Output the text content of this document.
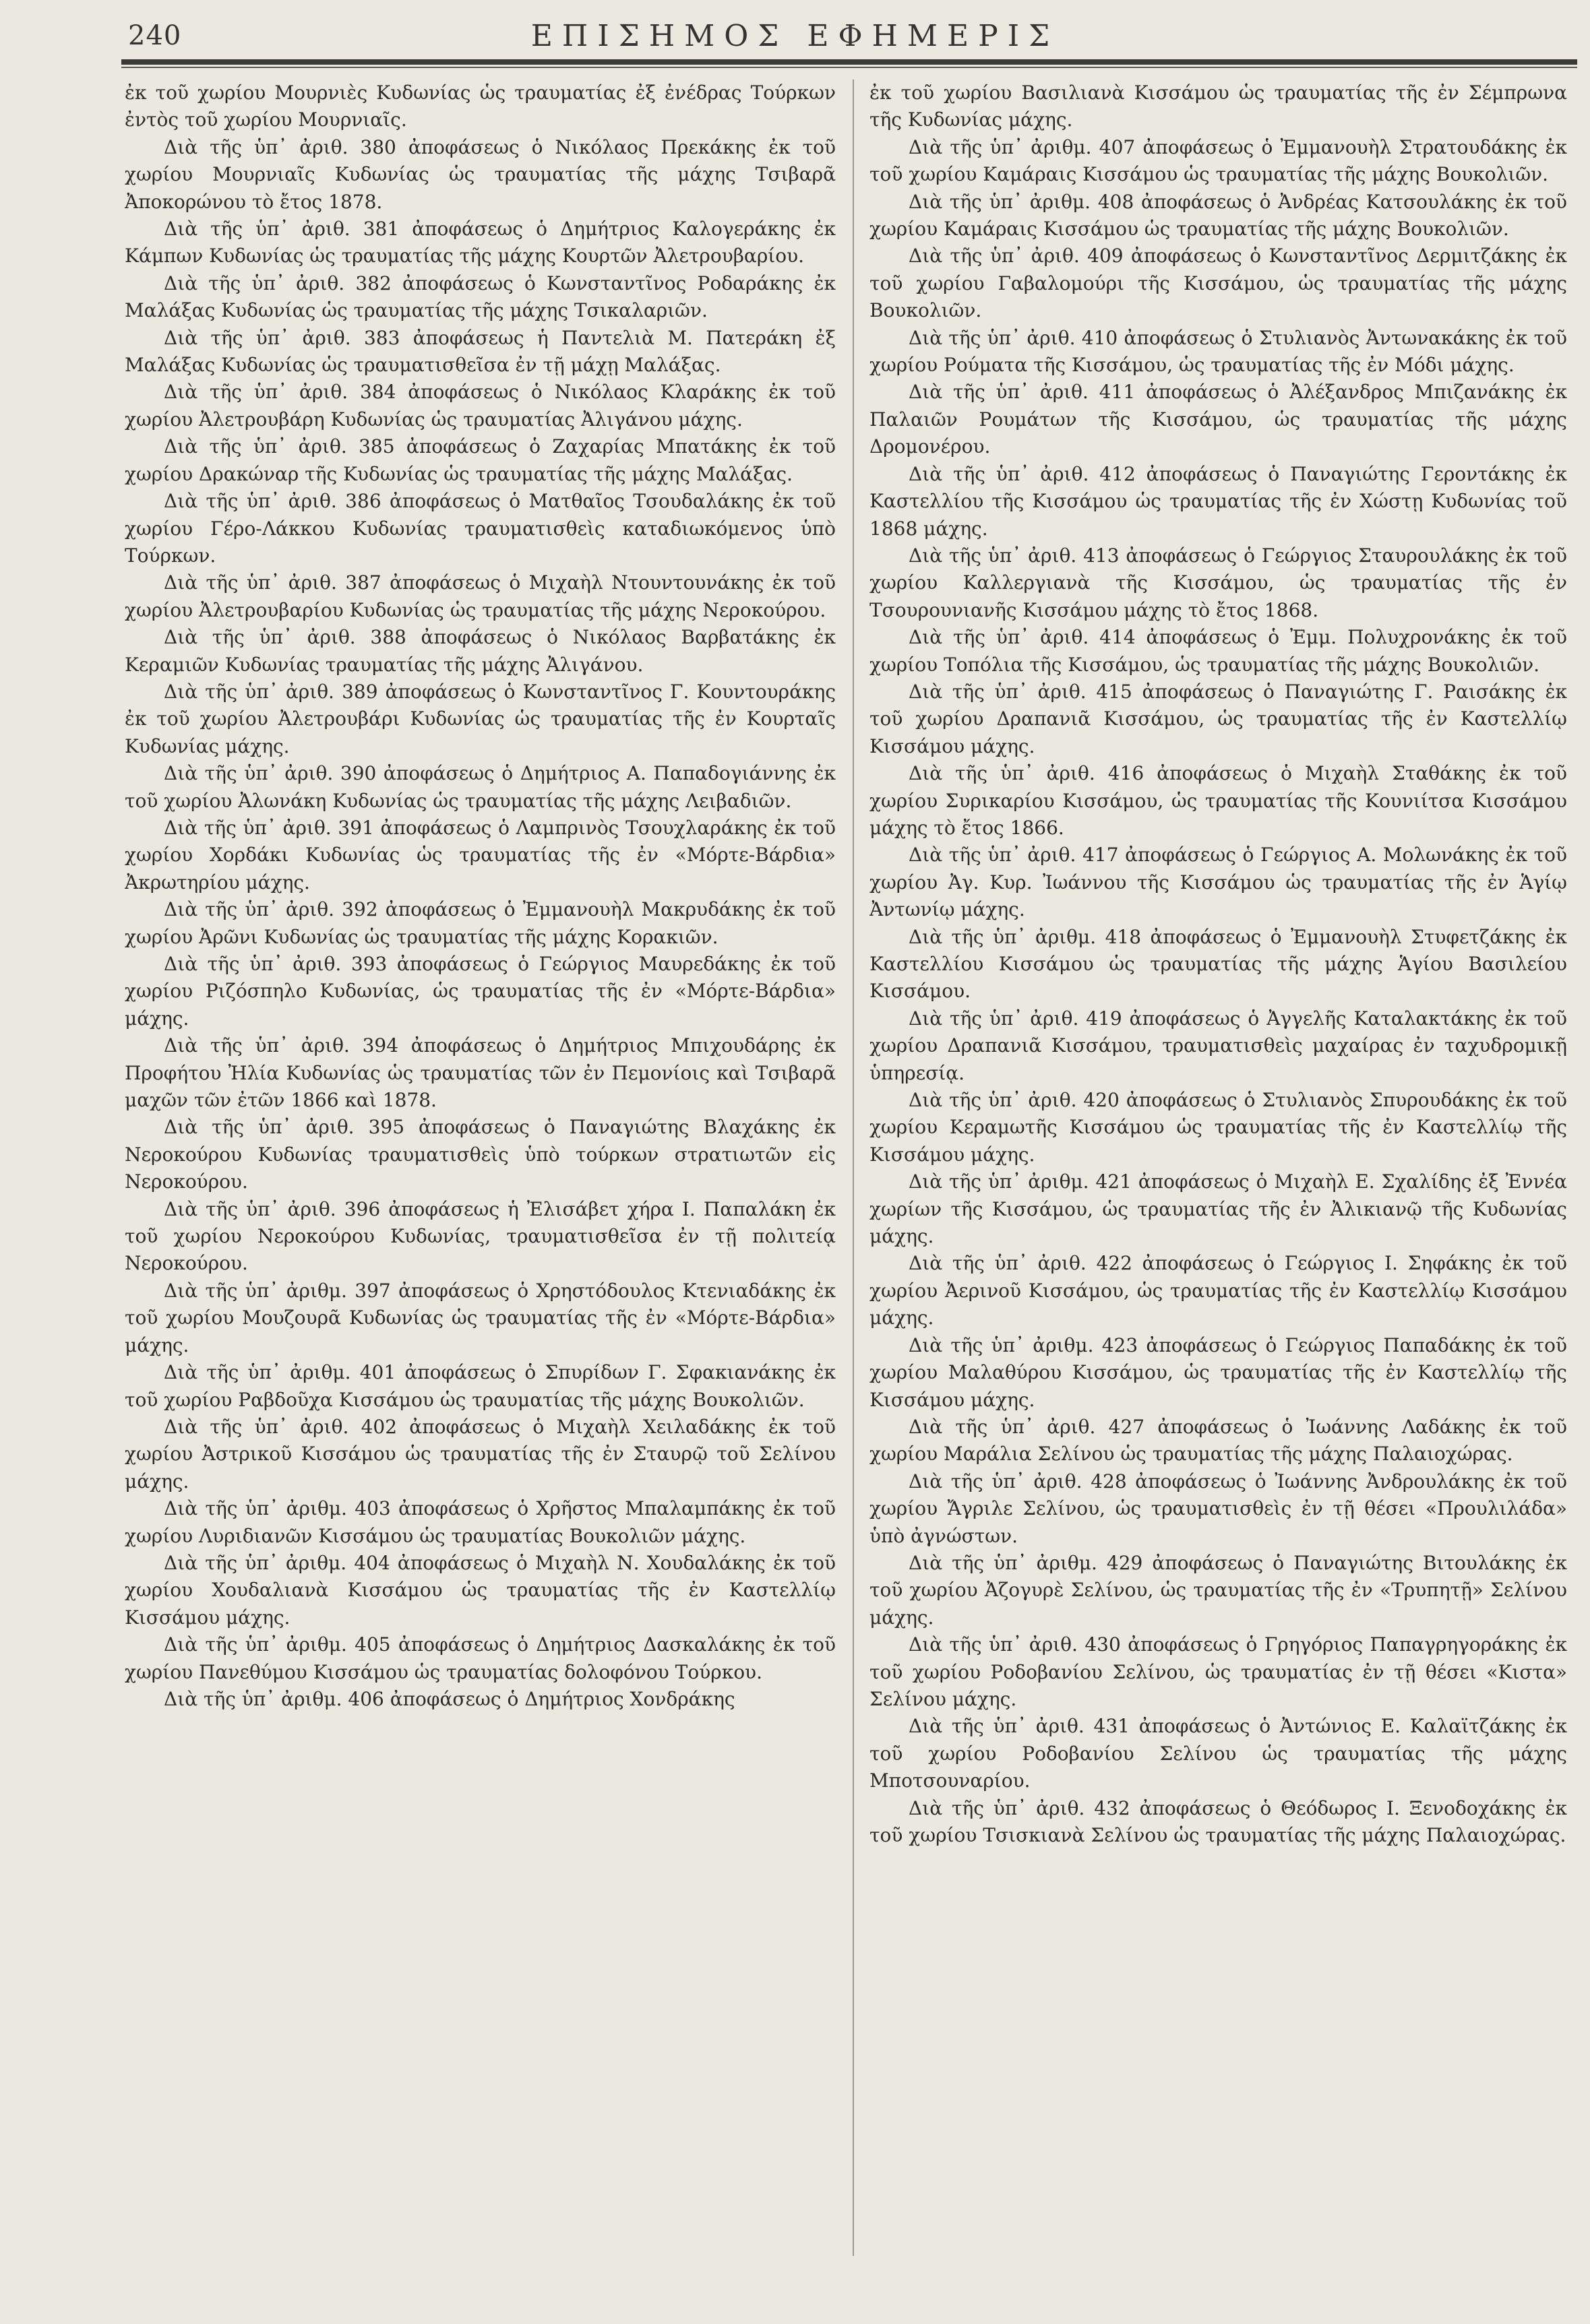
240	ΕΠΙΣΗΜΟΣ ΕΦΗΜΕΡΙΣ

ἐκ τοῦ χωρίου Μουρνιὲς Κυδωνίας ὡς τραυματίας ἐξ ἐνέδρας Τούρκων ἐντὸς τοῦ χωρίου Μουρνιαῖς.

Διὰ τῆς ὑπ᾽ ἀριθ. 380 ἀποφάσεως ὁ Νικόλαος Πρεκάκης ἐκ τοῦ χωρίου Μουρνιαῖς Κυδωνίας ὡς τραυματίας τῆς μάχης Τσιβαρᾶ Ἀποκορώνου τὸ ἔτος 1878.

Διὰ τῆς ὑπ᾽ ἀριθ. 381 ἀποφάσεως ὁ Δημήτριος Καλογεράκης ἐκ Κάμπων Κυδωνίας ὡς τραυματίας τῆς μάχης Κουρτῶν Ἀλετρουβαρίου.

Διὰ τῆς ὑπ᾽ ἀριθ. 382 ἀποφάσεως ὁ Κωνσταντῖνος Ροδαράκης ἐκ Μαλάξας Κυδωνίας ὡς τραυματίας τῆς μάχης Τσικαλαριῶν.

Διὰ τῆς ὑπ᾽ ἀριθ. 383 ἀποφάσεως ἡ Παντελιὰ Μ. Πατεράκη ἐξ Μαλάξας Κυδωνίας ὡς τραυματισθεῖσα ἐν τῇ μάχῃ Μαλάξας.

Διὰ τῆς ὑπ᾽ ἀριθ. 384 ἀποφάσεως ὁ Νικόλαος Κλαράκης ἐκ τοῦ χωρίου Ἀλετρουβάρη Κυδωνίας ὡς τραυματίας Ἀλιγάνου μάχης.

Διὰ τῆς ὑπ᾽ ἀριθ. 385 ἀποφάσεως ὁ Ζαχαρίας Μπατάκης ἐκ τοῦ χωρίου Δρακώναρ τῆς Κυδωνίας ὡς τραυματίας τῆς μάχης Μαλάξας.

Διὰ τῆς ὑπ᾽ ἀριθ. 386 ἀποφάσεως ὁ Ματθαῖος Τσουδαλάκης ἐκ τοῦ χωρίου Γέρο-Λάκκου Κυδωνίας τραυματισθεὶς καταδιωκόμενος ὑπὸ Τούρκων.

Διὰ τῆς ὑπ᾽ ἀριθ. 387 ἀποφάσεως ὁ Μιχαὴλ Ντουντουνάκης ἐκ τοῦ χωρίου Ἀλετρουβαρίου Κυδωνίας ὡς τραυματίας τῆς μάχης Νεροκούρου.

Διὰ τῆς ὑπ᾽ ἀριθ. 388 ἀποφάσεως ὁ Νικόλαος Βαρβατάκης ἐκ Κεραμιῶν Κυδωνίας τραυματίας τῆς μάχης Ἀλιγάνου.

Διὰ τῆς ὑπ᾽ ἀριθ. 389 ἀποφάσεως ὁ Κωνσταντῖνος Γ. Κουντουράκης ἐκ τοῦ χωρίου Ἀλετρουβάρι Κυδωνίας ὡς τραυματίας τῆς ἐν Κουρταῖς Κυδωνίας μάχης.

Διὰ τῆς ὑπ᾽ ἀριθ. 390 ἀποφάσεως ὁ Δημήτριος Α. Παπαδογιάννης ἐκ τοῦ χωρίου Ἀλωνάκη Κυδωνίας ὡς τραυματίας τῆς μάχης Λειβαδιῶν.

Διὰ τῆς ὑπ᾽ ἀριθ. 391 ἀποφάσεως ὁ Λαμπρινὸς Τσουχλαράκης ἐκ τοῦ χωρίου Χορδάκι Κυδωνίας ὡς τραυματίας τῆς ἐν «Μόρτε-Βάρδια» Ἀκρωτηρίου μάχης.

Διὰ τῆς ὑπ᾽ ἀριθ. 392 ἀποφάσεως ὁ Ἐμμανουὴλ Μακρυδάκης ἐκ τοῦ χωρίου Ἀρῶνι Κυδωνίας ὡς τραυματίας τῆς μάχης Κορακιῶν.

Διὰ τῆς ὑπ᾽ ἀριθ. 393 ἀποφάσεως ὁ Γεώργιος Μαυρεδάκης ἐκ τοῦ χωρίου Ριζόσπηλο Κυδωνίας, ὡς τραυματίας τῆς ἐν «Μόρτε-Βάρδια» μάχης.

Διὰ τῆς ὑπ᾽ ἀριθ. 394 ἀποφάσεως ὁ Δημήτριος Μπιχουδάρης ἐκ Προφήτου Ἠλία Κυδωνίας ὡς τραυματίας τῶν ἐν Πεμονίοις καὶ Τσιβαρᾶ μαχῶν τῶν ἐτῶν 1866 καὶ 1878.

Διὰ τῆς ὑπ᾽ ἀριθ. 395 ἀποφάσεως ὁ Παναγιώτης Βλαχάκης ἐκ Νεροκούρου Κυδωνίας τραυματισθεὶς ὑπὸ τούρκων στρατιωτῶν εἰς Νεροκούρου.

Διὰ τῆς ὑπ᾽ ἀριθ. 396 ἀποφάσεως ἡ Ἐλισάβετ χήρα Ι. Παπαλάκη ἐκ τοῦ χωρίου Νεροκούρου Κυδωνίας, τραυματισθεῖσα ἐν τῇ πολιτείᾳ Νεροκούρου.

Διὰ τῆς ὑπ᾽ ἀριθμ. 397 ἀποφάσεως ὁ Χρηστόδουλος Κτενιαδάκης ἐκ τοῦ χωρίου Μουζουρᾶ Κυδωνίας ὡς τραυματίας τῆς ἐν «Μόρτε-Βάρδια» μάχης.

Διὰ τῆς ὑπ᾽ ἀριθμ. 401 ἀποφάσεως ὁ Σπυρίδων Γ. Σφακιανάκης ἐκ τοῦ χωρίου Ραβδοῦχα Κισσάμου ὡς τραυματίας τῆς μάχης Βουκολιῶν.

Διὰ τῆς ὑπ᾽ ἀριθ. 402 ἀποφάσεως ὁ Μιχαὴλ Χειλαδάκης ἐκ τοῦ χωρίου Ἀστρικοῦ Κισσάμου ὡς τραυματίας τῆς ἐν Σταυρῷ τοῦ Σελίνου μάχης.

Διὰ τῆς ὑπ᾽ ἀριθμ. 403 ἀποφάσεως ὁ Χρῆστος Μπαλαμπάκης ἐκ τοῦ χωρίου Λυριδιανῶν Κισσάμου ὡς τραυματίας Βουκολιῶν μάχης.

Διὰ τῆς ὑπ᾽ ἀριθμ. 404 ἀποφάσεως ὁ Μιχαὴλ Ν. Χουδαλάκης ἐκ τοῦ χωρίου Χουδαλιανὰ Κισσάμου ὡς τραυματίας τῆς ἐν Καστελλίῳ Κισσάμου μάχης.

Διὰ τῆς ὑπ᾽ ἀριθμ. 405 ἀποφάσεως ὁ Δημήτριος Δασκαλάκης ἐκ τοῦ χωρίου Πανεθύμου Κισσάμου ὡς τραυματίας δολοφόνου Τούρκου.

Διὰ τῆς ὑπ᾽ ἀριθμ. 406 ἀποφάσεως ὁ Δημήτριος Χονδράκης

ἐκ τοῦ χωρίου Βασιλιανὰ Κισσάμου ὡς τραυματίας τῆς ἐν Σέμπρωνα τῆς Κυδωνίας μάχης.

Διὰ τῆς ὑπ᾽ ἀριθμ. 407 ἀποφάσεως ὁ Ἐμμανουὴλ Στρατουδάκης ἐκ τοῦ χωρίου Καμάραις Κισσάμου ὡς τραυματίας τῆς μάχης Βουκολιῶν.

Διὰ τῆς ὑπ᾽ ἀριθμ. 408 ἀποφάσεως ὁ Ἀνδρέας Κατσουλάκης ἐκ τοῦ χωρίου Καμάραις Κισσάμου ὡς τραυματίας τῆς μάχης Βουκολιῶν.

Διὰ τῆς ὑπ᾽ ἀριθ. 409 ἀποφάσεως ὁ Κωνσταντῖνος Δερμιτζάκης ἐκ τοῦ χωρίου Γαβαλομούρι τῆς Κισσάμου, ὡς τραυματίας τῆς μάχης Βουκολιῶν.

Διὰ τῆς ὑπ᾽ ἀριθ. 410 ἀποφάσεως ὁ Στυλιανὸς Ἀντωνακάκης ἐκ τοῦ χωρίου Ρούματα τῆς Κισσάμου, ὡς τραυματίας τῆς ἐν Μόδι μάχης.

Διὰ τῆς ὑπ᾽ ἀριθ. 411 ἀποφάσεως ὁ Ἀλέξανδρος Μπιζανάκης ἐκ Παλαιῶν Ρουμάτων τῆς Κισσάμου, ὡς τραυματίας τῆς μάχης Δρομονέρου.

Διὰ τῆς ὑπ᾽ ἀριθ. 412 ἀποφάσεως ὁ Παναγιώτης Γεροντάκης ἐκ Καστελλίου τῆς Κισσάμου ὡς τραυματίας τῆς ἐν Χώστῃ Κυδωνίας τοῦ 1868 μάχης.

Διὰ τῆς ὑπ᾽ ἀριθ. 413 ἀποφάσεως ὁ Γεώργιος Σταυρουλάκης ἐκ τοῦ χωρίου Καλλεργιανὰ τῆς Κισσάμου, ὡς τραυματίας τῆς ἐν Τσουρουνιανῆς Κισσάμου μάχης τὸ ἔτος 1868.

Διὰ τῆς ὑπ᾽ ἀριθ. 414 ἀποφάσεως ὁ Ἐμμ. Πολυχρονάκης ἐκ τοῦ χωρίου Τοπόλια τῆς Κισσάμου, ὡς τραυματίας τῆς μάχης Βουκολιῶν.

Διὰ τῆς ὑπ᾽ ἀριθ. 415 ἀποφάσεως ὁ Παναγιώτης Γ. Ραισάκης ἐκ τοῦ χωρίου Δραπανιᾶ Κισσάμου, ὡς τραυματίας τῆς ἐν Καστελλίῳ Κισσάμου μάχης.

Διὰ τῆς ὑπ᾽ ἀριθ. 416 ἀποφάσεως ὁ Μιχαὴλ Σταθάκης ἐκ τοῦ χωρίου Συρικαρίου Κισσάμου, ὡς τραυματίας τῆς Κουνιίτσα Κισσάμου μάχης τὸ ἔτος 1866.

Διὰ τῆς ὑπ᾽ ἀριθ. 417 ἀποφάσεως ὁ Γεώργιος Α. Μολωνάκης ἐκ τοῦ χωρίου Ἀγ. Κυρ. Ἰωάννου τῆς Κισσάμου ὡς τραυματίας τῆς ἐν Ἁγίῳ Ἀντωνίῳ μάχης.

Διὰ τῆς ὑπ᾽ ἀριθμ. 418 ἀποφάσεως ὁ Ἐμμανουὴλ Στυφετζάκης ἐκ Καστελλίου Κισσάμου ὡς τραυματίας τῆς μάχης Ἁγίου Βασιλείου Κισσάμου.

Διὰ τῆς ὑπ᾽ ἀριθ. 419 ἀποφάσεως ὁ Ἀγγελῆς Καταλακτάκης ἐκ τοῦ χωρίου Δραπανιᾶ Κισσάμου, τραυματισθεὶς μαχαίρας ἐν ταχυδρομικῇ ὑπηρεσίᾳ.

Διὰ τῆς ὑπ᾽ ἀριθ. 420 ἀποφάσεως ὁ Στυλιανὸς Σπυρουδάκης ἐκ τοῦ χωρίου Κεραμωτῆς Κισσάμου ὡς τραυματίας τῆς ἐν Καστελλίῳ τῆς Κισσάμου μάχης.

Διὰ τῆς ὑπ᾽ ἀριθμ. 421 ἀποφάσεως ὁ Μιχαὴλ Ε. Σχαλίδης ἐξ Ἐννέα χωρίων τῆς Κισσάμου, ὡς τραυματίας τῆς ἐν Ἀλικιανῷ τῆς Κυδωνίας μάχης.

Διὰ τῆς ὑπ᾽ ἀριθ. 422 ἀποφάσεως ὁ Γεώργιος Ι. Σηφάκης ἐκ τοῦ χωρίου Ἀερινοῦ Κισσάμου, ὡς τραυματίας τῆς ἐν Καστελλίῳ Κισσάμου μάχης.

Διὰ τῆς ὑπ᾽ ἀριθμ. 423 ἀποφάσεως ὁ Γεώργιος Παπαδάκης ἐκ τοῦ χωρίου Μαλαθύρου Κισσάμου, ὡς τραυματίας τῆς ἐν Καστελλίῳ τῆς Κισσάμου μάχης.

Διὰ τῆς ὑπ᾽ ἀριθ. 427 ἀποφάσεως ὁ Ἰωάννης Λαδάκης ἐκ τοῦ χωρίου Μαράλια Σελίνου ὡς τραυματίας τῆς μάχης Παλαιοχώρας.

Διὰ τῆς ὑπ᾽ ἀριθ. 428 ἀποφάσεως ὁ Ἰωάννης Ἀνδρουλάκης ἐκ τοῦ χωρίου Ἄγριλε Σελίνου, ὡς τραυματισθεὶς ἐν τῇ θέσει «Προυλιλάδα» ὑπὸ ἀγνώστων.

Διὰ τῆς ὑπ᾽ ἀριθμ. 429 ἀποφάσεως ὁ Παναγιώτης Βιτουλάκης ἐκ τοῦ χωρίου Ἀζογυρὲ Σελίνου, ὡς τραυματίας τῆς ἐν «Τρυπητῇ» Σελίνου μάχης.

Διὰ τῆς ὑπ᾽ ἀριθ. 430 ἀποφάσεως ὁ Γρηγόριος Παπαγρηγοράκης ἐκ τοῦ χωρίου Ροδοβανίου Σελίνου, ὡς τραυματίας ἐν τῇ θέσει «Κιστα» Σελίνου μάχης.

Διὰ τῆς ὑπ᾽ ἀριθ. 431 ἀποφάσεως ὁ Ἀντώνιος Ε. Καλαϊτζάκης ἐκ τοῦ χωρίου Ροδοβανίου Σελίνου ὡς τραυματίας τῆς μάχης Μποτσουναρίου.

Διὰ τῆς ὑπ᾽ ἀριθ. 432 ἀποφάσεως ὁ Θεόδωρος Ι. Ξενοδοχάκης ἐκ τοῦ χωρίου Τσισκιανὰ Σελίνου ὡς τραυματίας τῆς μάχης Παλαιοχώρας.
